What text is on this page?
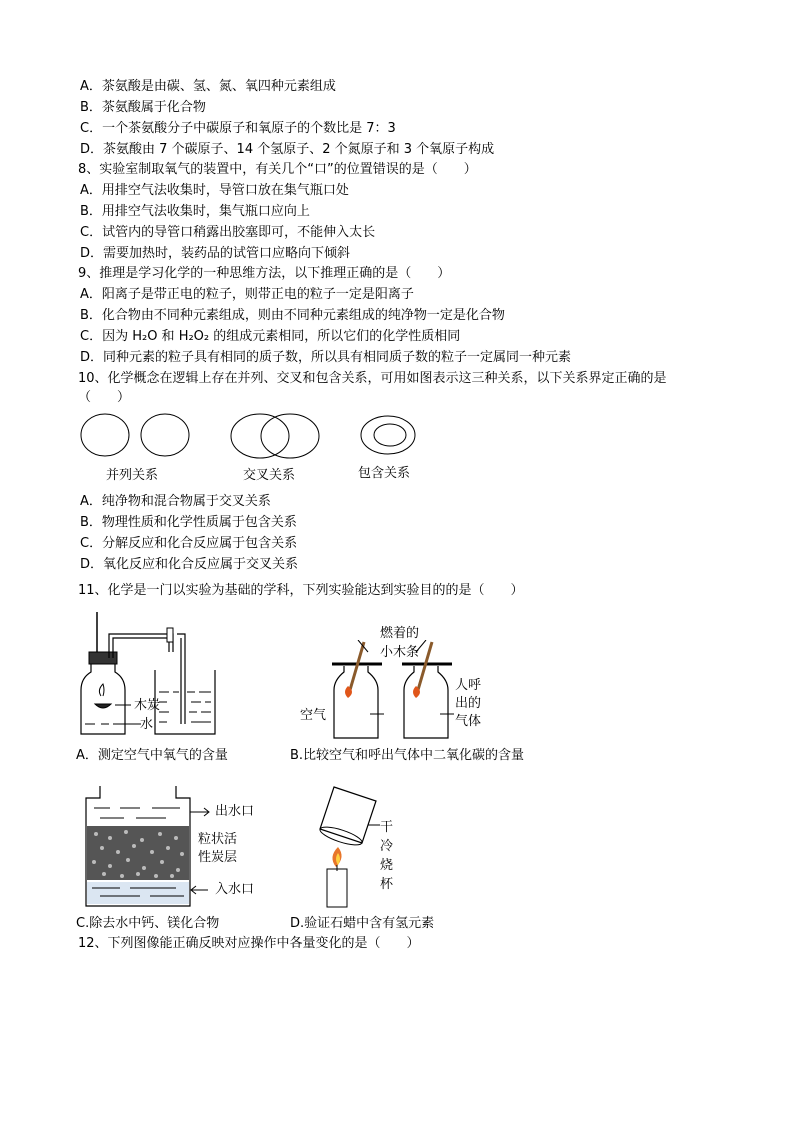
A．茶氨酸是由碳、氢、氮、氧四种元素组成
B．茶氨酸属于化合物
C．一个茶氨酸分子中碳原子和氧原子的个数比是 7：3
D．茶氨酸由 7 个碳原子、14 个氢原子、2 个氮原子和 3 个氧原子构成
8、实验室制取氧气的装置中，有关几个“口”的位置错误的是（　　）
A．用排空气法收集时，导管口放在集气瓶口处
B．用排空气法收集时，集气瓶口应向上
C．试管内的导管口稍露出胶塞即可，不能伸入太长
D．需要加热时，装药品的试管口应略向下倾斜
9、推理是学习化学的一种思维方法，以下推理正确的是（　　）
A．阳离子是带正电的粒子，则带正电的粒子一定是阳离子
B．化合物由不同种元素组成，则由不同种元素组成的纯净物一定是化合物
C．因为 H₂O 和 H₂O₂ 的组成元素相同，所以它们的化学性质相同
D．同种元素的粒子具有相同的质子数，所以具有相同质子数的粒子一定属同一种元素
10、化学概念在逻辑上存在并列、交叉和包含关系，可用如图表示这三种关系，以下关系界定正确的是
（　　）
并列关系	交叉关系	包含关系
A．纯净物和混合物属于交叉关系
B．物理性质和化学性质属于包含关系
C．分解反应和化合反应属于包含关系
D．氧化反应和化合反应属于交叉关系
11、化学是一门以实验为基础的学科，下列实验能达到实验目的的是（　　）
木炭
水
A．测定空气中氧气的含量
燃着的
小木条
空气
人呼
出的
气体
B.比较空气和呼出气体中二氧化碳的含量
出水口
粒状活
性炭层
入水口
C.除去水中钙、镁化合物
干
冷
烧
杯
D.验证石蜡中含有氢元素
12、下列图像能正确反映对应操作中各量变化的是（　　）
